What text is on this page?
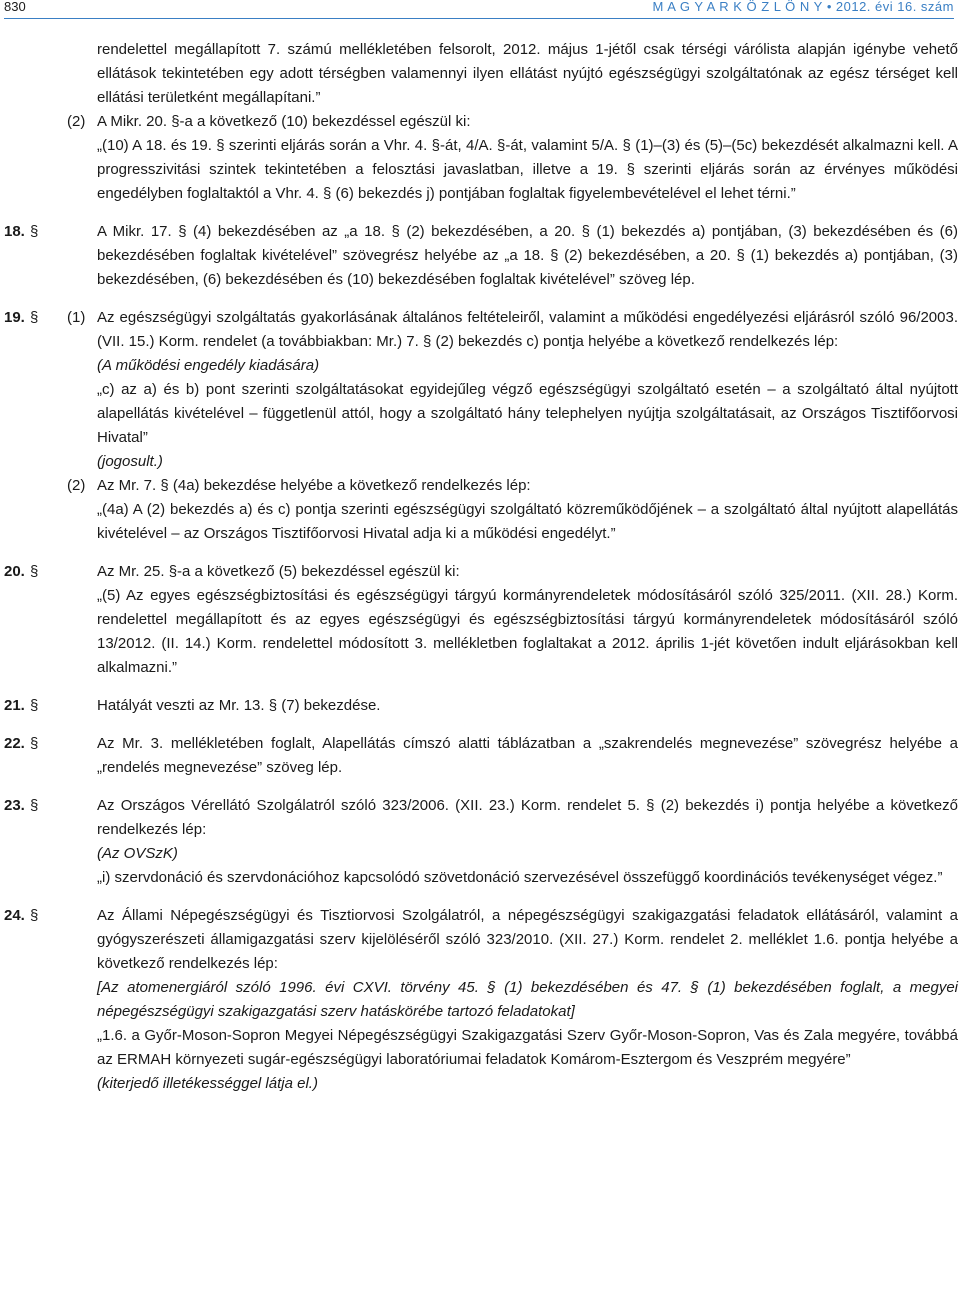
830	M A G Y A R K Ö Z L Ö N Y • 2012. évi 16. szám
rendelettel megállapított 7. számú mellékletében felsorolt, 2012. május 1-jétől csak térségi várólista alapján igénybe vehető ellátások tekintetében egy adott térségben valamennyi ilyen ellátást nyújtó egészségügyi szolgáltatónak az egész térséget kell ellátási területként megállapítani.”
(2) A Mikr. 20. §-a a következő (10) bekezdéssel egészül ki:
„(10) A 18. és 19. § szerinti eljárás során a Vhr. 4. §-át, 4/A. §-át, valamint 5/A. § (1)–(3) és (5)–(5c) bekezdését alkalmazni kell. A progresszivitási szintek tekintetében a felosztási javaslatban, illetve a 19. § szerinti eljárás során az érvényes működési engedélyben foglaltaktól a Vhr. 4. § (6) bekezdés j) pontjában foglaltak figyelembevételével el lehet térni.”
18. §	A Mikr. 17. § (4) bekezdésében az „a 18. § (2) bekezdésében, a 20. § (1) bekezdés a) pontjában, (3) bekezdésében és (6) bekezdésében foglaltak kivételével” szövegrész helyébe az „a 18. § (2) bekezdésében, a 20. § (1) bekezdés a) pontjában, (3) bekezdésében, (6) bekezdésében és (10) bekezdésében foglaltak kivételével” szöveg lép.
19. § (1) Az egészségügyi szolgáltatás gyakorlásának általános feltételeiről, valamint a működési engedélyezési eljárásról szóló 96/2003. (VII. 15.) Korm. rendelet (a továbbiakban: Mr.) 7. § (2) bekezdés c) pontja helyébe a következő rendelkezés lép:
(A működési engedély kiadására)
„c) az a) és b) pont szerinti szolgáltatásokat egyidejűleg végző egészségügyi szolgáltató esetén – a szolgáltató által nyújtott alapellátás kivételével – függetlenül attól, hogy a szolgáltató hány telephelyen nyújtja szolgáltatásait, az Országos Tisztifőorvosi Hivatal”
(jogosult.)
(2) Az Mr. 7. § (4a) bekezdése helyébe a következő rendelkezés lép:
„(4a) A (2) bekezdés a) és c) pontja szerinti egészségügyi szolgáltató közreműködőjének – a szolgáltató által nyújtott alapellátás kivételével – az Országos Tisztifőorvosi Hivatal adja ki a működési engedélyt.”
20. §	Az Mr. 25. §-a a következő (5) bekezdéssel egészül ki:
„(5) Az egyes egészségbiztosítási és egészségügyi tárgyú kormányrendeletek módosításáról szóló 325/2011. (XII. 28.) Korm. rendelettel megállapított és az egyes egészségügyi és egészségbiztosítási tárgyú kormányrendeletek módosításáról szóló 13/2012. (II. 14.) Korm. rendelettel módosított 3. mellékletben foglaltakat a 2012. április 1-jét követően indult eljárásokban kell alkalmazni.”
21. §	Hatályát veszti az Mr. 13. § (7) bekezdése.
22. §	Az Mr. 3. mellékletében foglalt, Alapellátás címszó alatti táblázatban a „szakrendelés megnevezése” szövegrész helyébe a „rendelés megnevezése” szöveg lép.
23. §	Az Országos Vérellátó Szolgálatról szóló 323/2006. (XII. 23.) Korm. rendelet 5. § (2) bekezdés i) pontja helyébe a következő rendelkezés lép:
(Az OVSzK)
„i) szervdonáció és szervdonációhoz kapcsolódó szövetdonáció szervezésével összefüggő koordinációs tevékenységet végez.”
24. §	Az Állami Népegészségügyi és Tisztiorvosi Szolgálatról, a népegészségügyi szakigazgatási feladatok ellátásáról, valamint a gyógyszerészeti államigazgatási szerv kijelöléséről szóló 323/2010. (XII. 27.) Korm. rendelet 2. melléklet 1.6. pontja helyébe a következő rendelkezés lép:
[Az atomenergiáról szóló 1996. évi CXVI. törvény 45. § (1) bekezdésében és 47. § (1) bekezdésében foglalt, a megyei népegészségügyi szakigazgatási szerv hatáskörébe tartozó feladatokat]
„1.6. a Győr-Moson-Sopron Megyei Népegészségügyi Szakigazgatási Szerv Győr-Moson-Sopron, Vas és Zala megyére, továbbá az ERMAH környezeti sugár-egészségügyi laboratóriumai feladatok Komárom-Esztergom és Veszprém megyére”
(kiterjedő illetékességgel látja el.)
